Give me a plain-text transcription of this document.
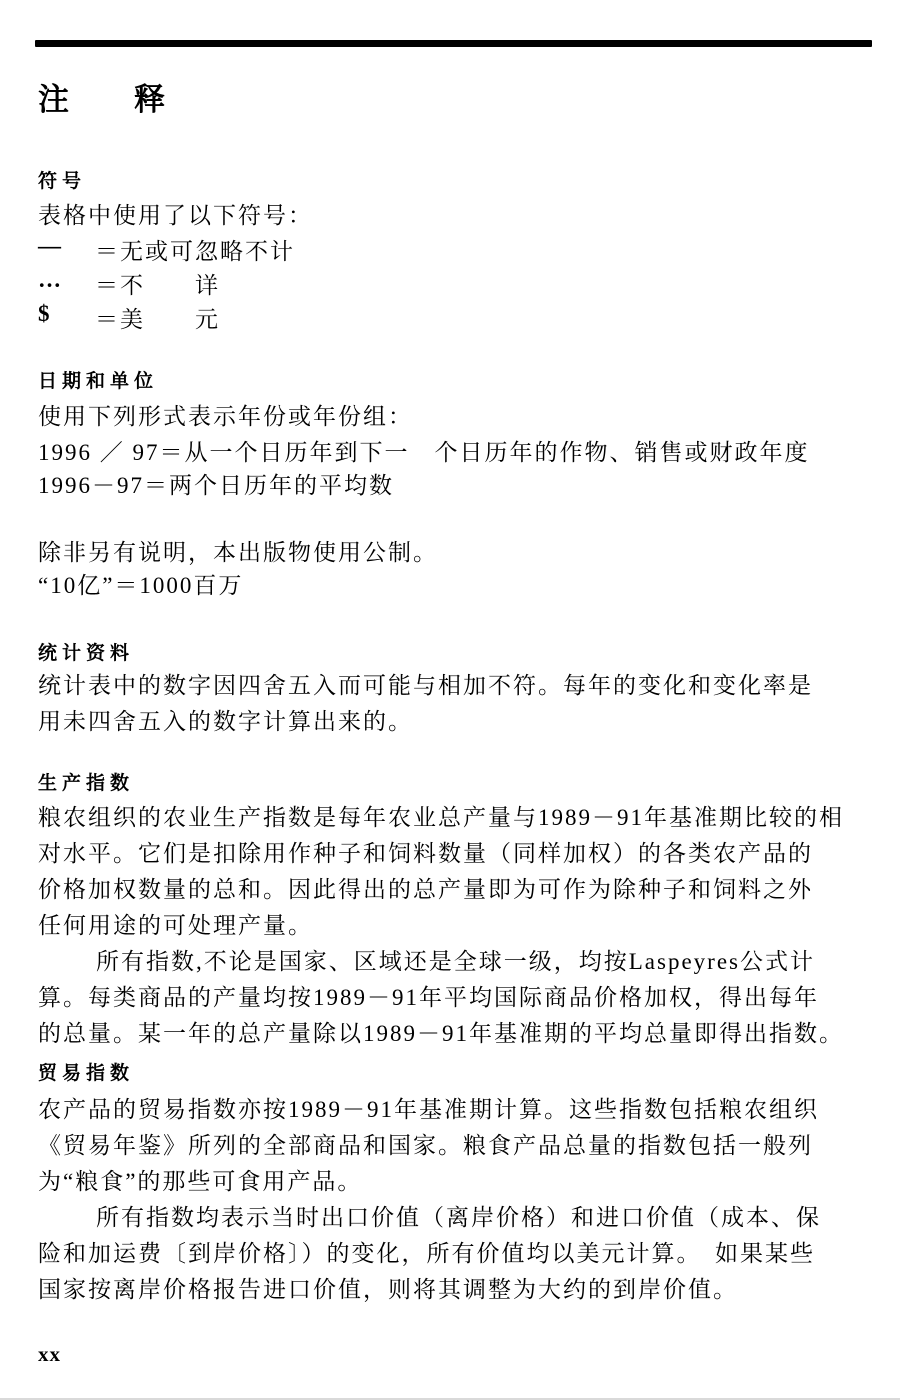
注　　释
符号
表格中使用了以下符号：
—	＝无或可忽略不计
…	＝不　　详
$	＝美　　元
日期和单位
使用下列形式表示年份或年份组：
1996 ／ 97＝从一个日历年到下一　个日历年的作物、销售或财政年度
1996－97＝两个日历年的平均数
除非另有说明，本出版物使用公制。
“10亿”＝1000百万
统计资料
统计表中的数字因四舍五入而可能与相加不符。每年的变化和变化率是
用未四舍五入的数字计算出来的。
生产指数
粮农组织的农业生产指数是每年农业总产量与1989－91年基准期比较的相
对水平。它们是扣除用作种子和饲料数量（同样加权）的各类农产品的
价格加权数量的总和。因此得出的总产量即为可作为除种子和饲料之外
任何用途的可处理产量。
所有指数,不论是国家、区域还是全球一级，均按Laspeyres公式计
算。每类商品的产量均按1989－91年平均国际商品价格加权，得出每年
的总量。某一年的总产量除以1989－91年基准期的平均总量即得出指数。
贸易指数
农产品的贸易指数亦按1989－91年基准期计算。这些指数包括粮农组织
《贸易年鉴》所列的全部商品和国家。粮食产品总量的指数包括一般列
为“粮食”的那些可食用产品。
所有指数均表示当时出口价值（离岸价格）和进口价值（成本、保
险和加运费〔到岸价格〕）的变化，所有价值均以美元计算。　如果某些
国家按离岸价格报告进口价值，则将其调整为大约的到岸价值。
xx
